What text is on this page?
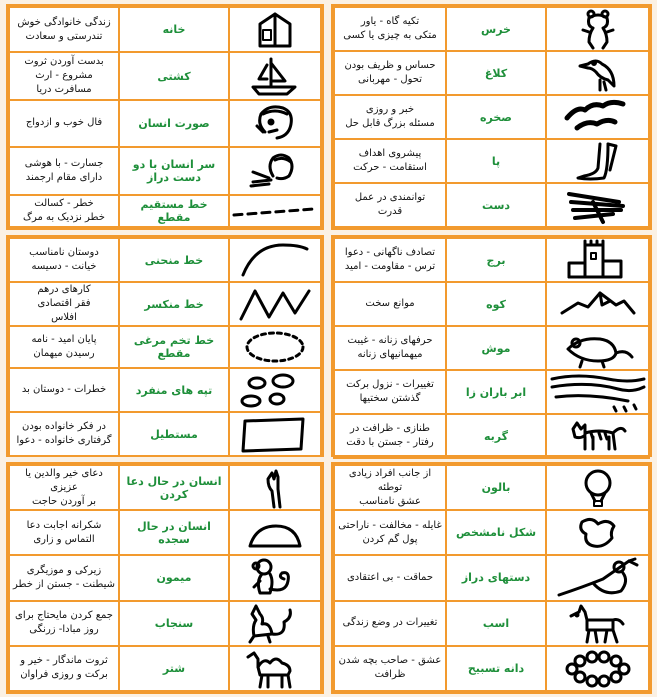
زندگی خانوادگی خوش
تندرستی و سعادت	خانه	

بدست آوردن ثروت
مشروع - ارث
مسافرت دریا	کشتی	

فال خوب و ازدواج	صورت انسان	

جسارت - با هوشی
دارای مقام ارجمند	سر انسان با دو دست دراز	

خطر - کسالت
خطر نزدیک به مرگ	خط مستقیم مقطع	
تکیه گاه - یاور
متکی به چیزی یا کسی	خرس	

حساس و ظریف بودن
تحول - مهربانی	کلاغ	

خبر و روزی
مسئله بزرگ قابل حل	صخره	

پیشروی اهداف
استقامت - حرکت	پا	

توانمندی در عمل
قدرت	دست	
دوستان نامناسب
خیانت - دسیسه	خط منحنی	

کارهای درهم
فقر اقتصادی
افلاس	خط منکسر	

پایان امید - نامه
رسیدن میهمان	خط تخم مرغی مقطع	

خطرات - دوستان بد	تپه های منفرد	

در فکر خانواده بودن
گرفتاری خانواده - دعوا	مستطیل	
تصادف ناگهانی - دعوا
ترس - مقاومت - امید	برج	

موانع سخت	کوه	

حرفهای زنانه - غیبت
میهمانیهای زنانه	موش	

تغییرات - نزول برکت
گذشتن سختیها	ابر باران زا	

طنازی - ظرافت در
رفتار - جستن با دقت	گربه	
دعای خیر والدین یا عزیزی
بر آوردن حاجت	انسان در حال دعا کردن	

شکرانه اجابت دعا
التماس و زاری	انسان در حال سجده	

زیرکی و موزیگری
شیطنت - جستن از خطر	میمون	

جمع کردن مایحتاج برای
روز مبادا- زرنگی	سنجاب	

ثروت ماندگار - خیر و
برکت و روزی فراوان	شتر	
از جانب افراد زیادی توطئه
عشق نامناسب	بالون	

غایله - مخالفت - ناراحتی
پول گم کردن	شکل نامشخص	

حماقت - بی اعتقادی	دستهای دراز	

تغییرات در وضع زندگی	اسب	

عشق - صاحب بچه شدن
ظرافت	دانه تسبیح	
